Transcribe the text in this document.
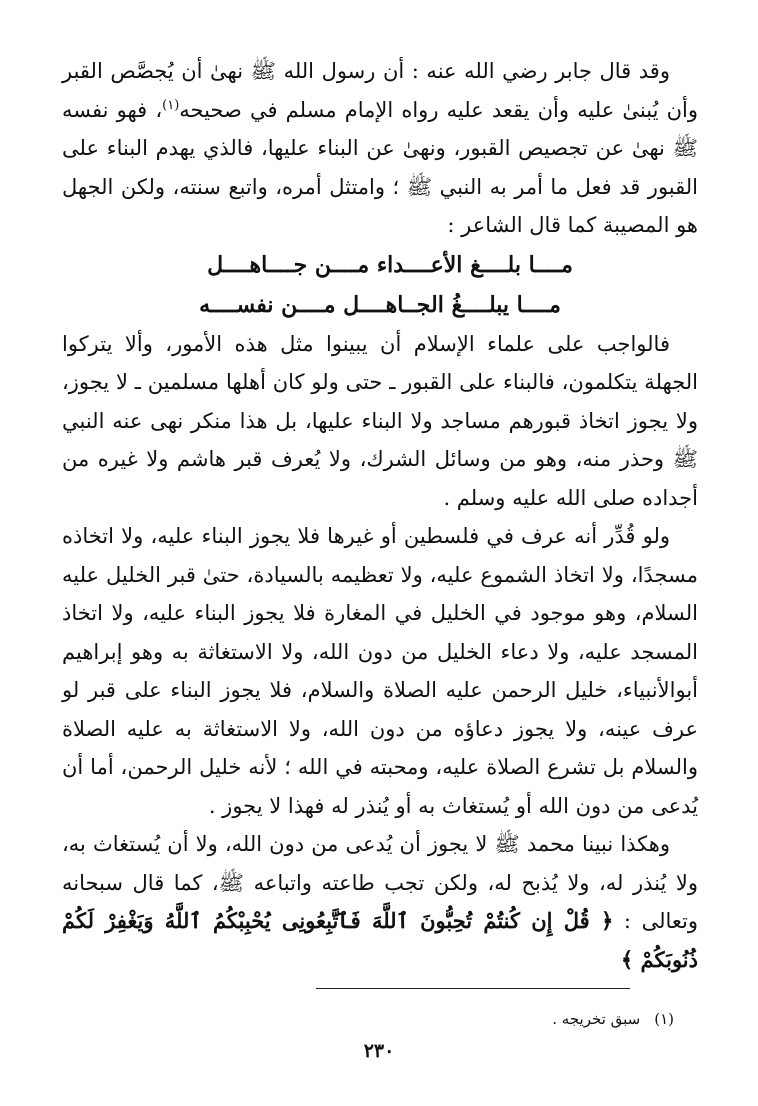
وقد قال جابر رضي الله عنه : أن رسول الله ﷺ نهىٰ أن يُجصَّص القبر وأن يُبنىٰ عليه وأن يقعد عليه رواه الإمام مسلم في صحيحه$^{(١)}$، فهو نفسه ﷺ نهىٰ عن تجصيص القبور، ونهىٰ عن البناء عليها، فالذي يهدم البناء على القبور قد فعل ما أمر به النبي ﷺ ؛ وامتثل أمره، واتبع سنته، ولكن الجهل هو المصيبة كما قال الشاعر :

مــــا بلــــغ الأعــــداء مــــن جــــاهــــل

مــــا يبلــــغُ الجــاهــــل مــــن نفســــه

فالواجب على علماء الإسلام أن يبينوا مثل هذه الأمور، وألا يتركوا الجهلة يتكلمون، فالبناء على القبور ـ حتى ولو كان أهلها مسلمين ـ لا يجوز، ولا يجوز اتخاذ قبورهم مساجد ولا البناء عليها، بل هذا منكر نهى عنه النبي ﷺ وحذر منه، وهو من وسائل الشرك، ولا يُعرف قبر هاشم ولا غيره من أجداده صلى الله عليه وسلم .

ولو قُدِّر أنه عرف في فلسطين أو غيرها فلا يجوز البناء عليه، ولا اتخاذه مسجدًا، ولا اتخاذ الشموع عليه، ولا تعظيمه بالسيادة، حتىٰ قبر الخليل عليه السلام، وهو موجود في الخليل في المغارة فلا يجوز البناء عليه، ولا اتخاذ المسجد عليه، ولا دعاء الخليل من دون الله، ولا الاستغاثة به وهو إبراهيم أبوالأنبياء، خليل الرحمن عليه الصلاة والسلام، فلا يجوز البناء على قبر لو عرف عينه، ولا يجوز دعاؤه من دون الله، ولا الاستغاثة به عليه الصلاة والسلام بل تشرع الصلاة عليه، ومحبته في الله ؛ لأنه خليل الرحمن، أما أن يُدعى من دون الله أو يُستغاث به أو يُنذر له فهذا لا يجوز .

وهكذا نبينا محمد ﷺ لا يجوز أن يُدعى من دون الله، ولا أن يُستغاث به، ولا يُنذر له، ولا يُذبح له، ولكن تجب طاعته واتباعه ﷺ، كما قال سبحانه وتعالى : ﴿ قُلْ إِن كُنتُمْ تُحِبُّونَ ٱللَّهَ فَٱتَّبِعُونِى يُحْبِبْكُمُ ٱللَّهُ وَيَغْفِرْ لَكُمْ ذُنُوبَكُمْ ﴾

(١)سبق تخريجه .
٢٣٠
